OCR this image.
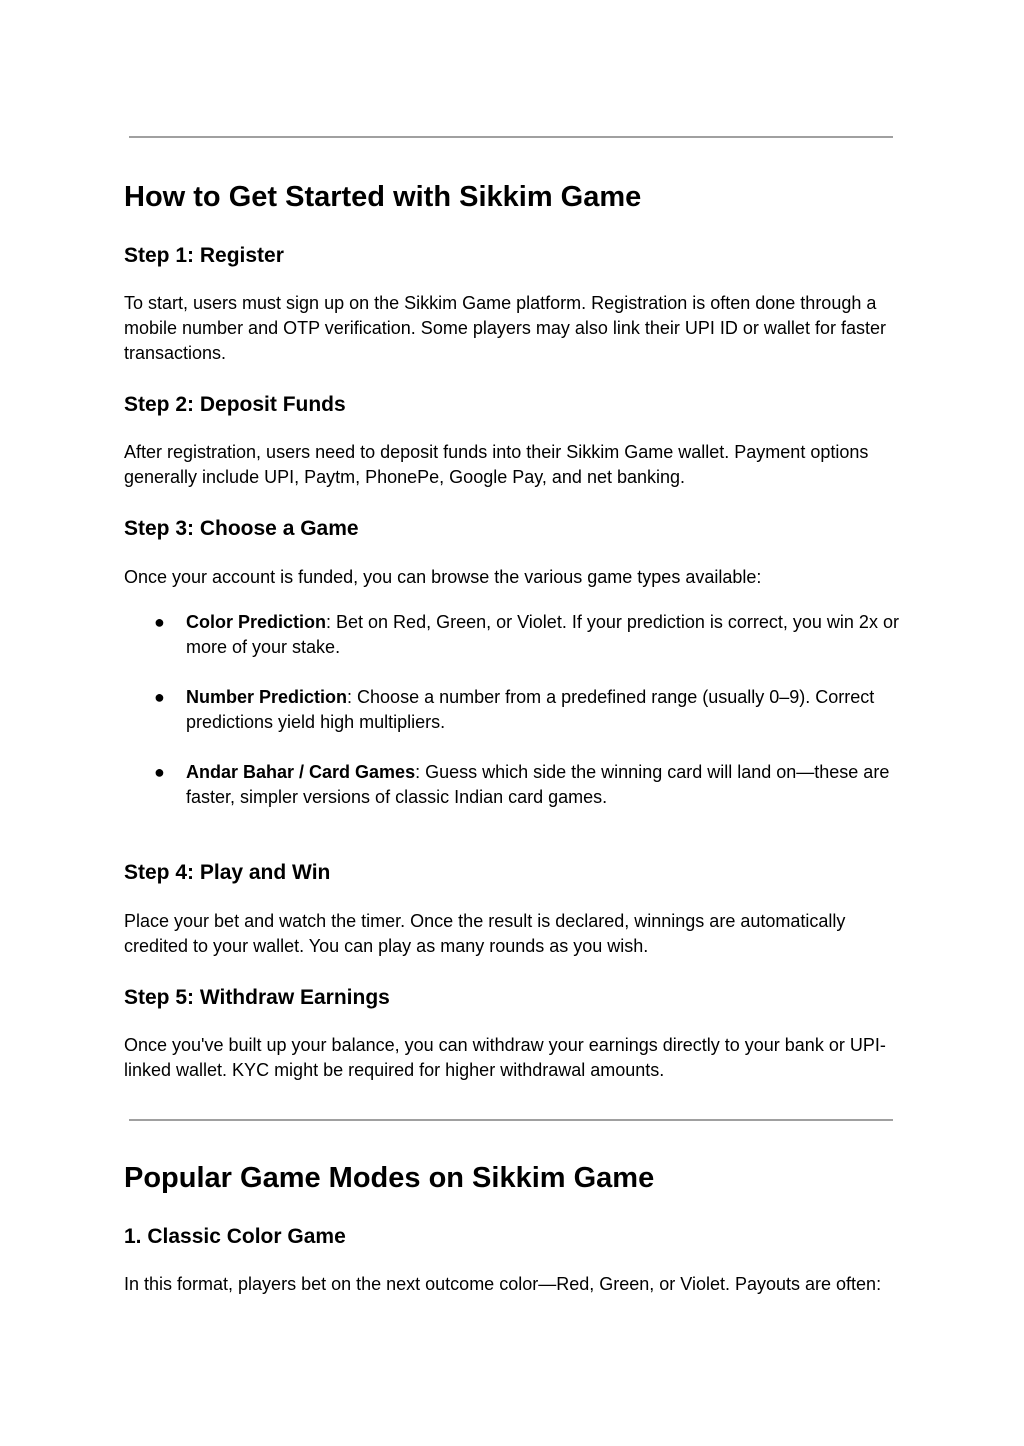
How to Get Started with Sikkim Game
Step 1: Register

To start, users must sign up on the Sikkim Game platform. Registration is often done through a mobile number and OTP verification. Some players may also link their UPI ID or wallet for faster transactions.

Step 2: Deposit Funds

After registration, users need to deposit funds into their Sikkim Game wallet. Payment options generally include UPI, Paytm, PhonePe, Google Pay, and net banking.

Step 3: Choose a Game

Once your account is funded, you can browse the various game types available:

● Color Prediction: Bet on Red, Green, or Violet. If your prediction is correct, you win 2x or more of your stake.
● Number Prediction: Choose a number from a predefined range (usually 0–9). Correct predictions yield high multipliers.
● Andar Bahar / Card Games: Guess which side the winning card will land on—these are faster, simpler versions of classic Indian card games.
Step 4: Play and Win

Place your bet and watch the timer. Once the result is declared, winnings are automatically credited to your wallet. You can play as many rounds as you wish.

Step 5: Withdraw Earnings

Once you've built up your balance, you can withdraw your earnings directly to your bank or UPI-linked wallet. KYC might be required for higher withdrawal amounts.

Popular Game Modes on Sikkim Game
1. Classic Color Game

In this format, players bet on the next outcome color—Red, Green, or Violet. Payouts are often:
